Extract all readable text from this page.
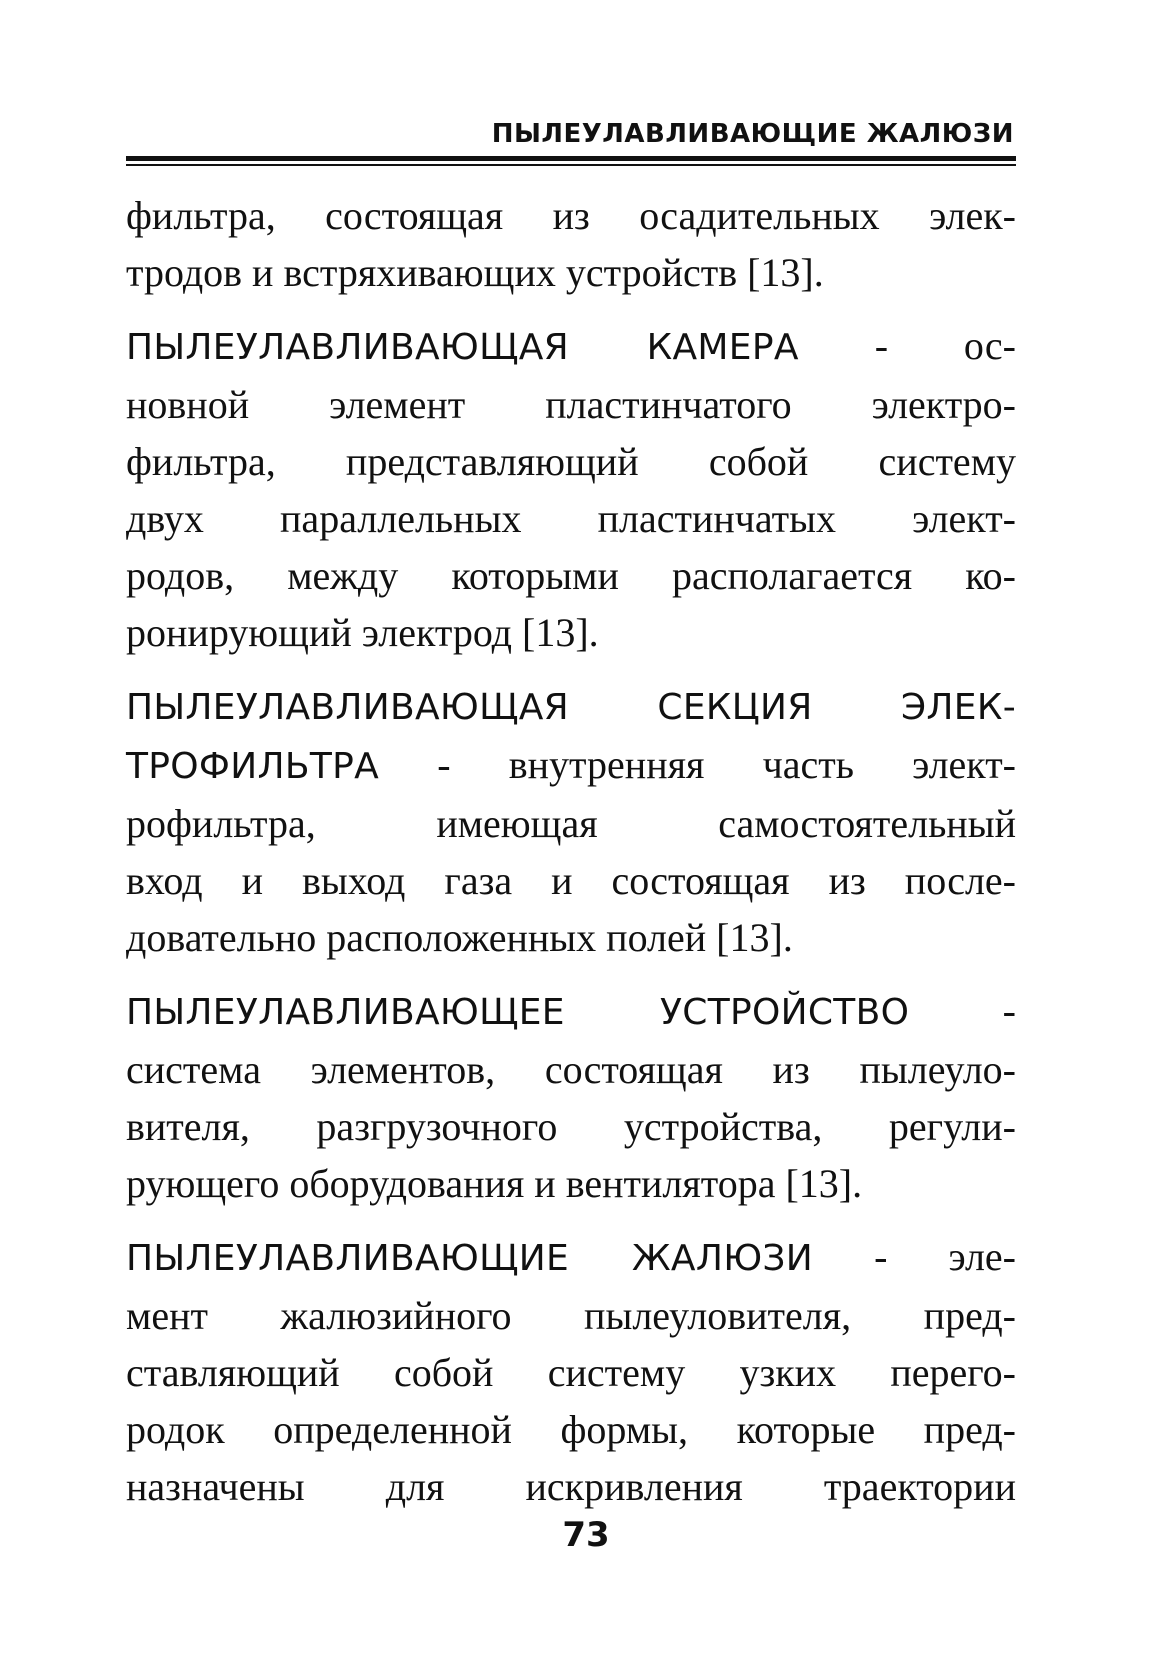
ПЫЛЕУЛАВЛИВАЮЩИЕ ЖАЛЮЗИ

фильтра, состоящая из осадительных элек-
тродов и встряхивающих устройств [13].

ПЫЛЕУЛАВЛИВАЮЩАЯ КАМЕРА - ос-
новной элемент пластинчатого электро-
фильтра, представляющий собой систему
двух параллельных пластинчатых элект-
родов, между которыми располагается ко-
ронирующий электрод [13].

ПЫЛЕУЛАВЛИВАЮЩАЯ СЕКЦИЯ ЭЛЕК-
ТРОФИЛЬТРА - внутренняя часть элект-
рофильтра, имеющая самостоятельный
вход и выход газа и состоящая из после-
довательно расположенных полей [13].

ПЫЛЕУЛАВЛИВАЮЩЕЕ УСТРОЙСТВО -
система элементов, состоящая из пылеуло-
вителя, разгрузочного устройства, регули-
рующего оборудования и вентилятора [13].

ПЫЛЕУЛАВЛИВАЮЩИЕ ЖАЛЮЗИ - эле-
мент жалюзийного пылеуловителя, пред-
ставляющий собой систему узких перего-
родок определенной формы, которые пред-
назначены для искривления траектории

73
